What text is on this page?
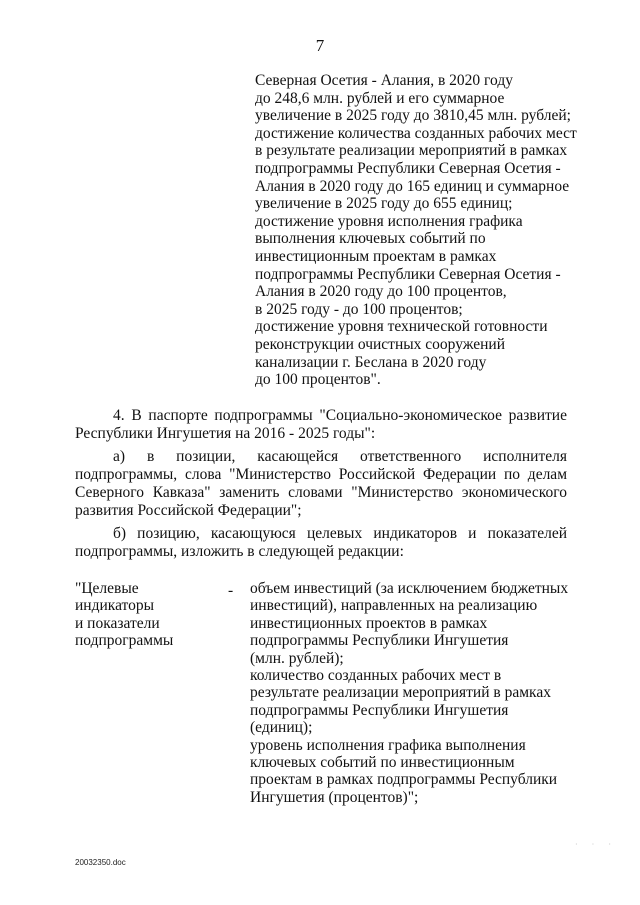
7
Северная Осетия - Алания, в 2020 году
до 248,6 млн. рублей и его суммарное
увеличение в 2025 году до 3810,45 млн. рублей;
достижение количества созданных рабочих мест
в результате реализации мероприятий в рамках
подпрограммы Республики Северная Осетия -
Алания в 2020 году до 165 единиц и суммарное
увеличение в 2025 году до 655 единиц;
достижение уровня исполнения графика
выполнения ключевых событий по
инвестиционным проектам в рамках
подпрограммы Республики Северная Осетия -
Алания в 2020 году до 100 процентов,
в 2025 году - до 100 процентов;
достижение уровня технической готовности
реконструкции очистных сооружений
канализации г. Беслана в 2020 году
до 100 процентов".
4. В паспорте подпрограммы "Социально-экономическое развитие Республики Ингушетия на 2016 - 2025 годы":
а) в позиции, касающейся ответственного исполнителя подпрограммы, слова "Министерство Российской Федерации по делам Северного Кавказа" заменить словами "Министерство экономического развития Российской Федерации";
б) позицию, касающуюся целевых индикаторов и показателей подпрограммы, изложить в следующей редакции:
"Целевые
индикаторы
и показатели
подпрограммы
- объем инвестиций (за исключением бюджетных
инвестиций), направленных на реализацию
инвестиционных проектов в рамках
подпрограммы Республики Ингушетия
(млн. рублей);
количество созданных рабочих мест в
результате реализации мероприятий в рамках
подпрограммы Республики Ингушетия
(единиц);
уровень исполнения графика выполнения
ключевых событий по инвестиционным
проектам в рамках подпрограммы Республики
Ингушетия (процентов)";
· · ·
20032350.doc
